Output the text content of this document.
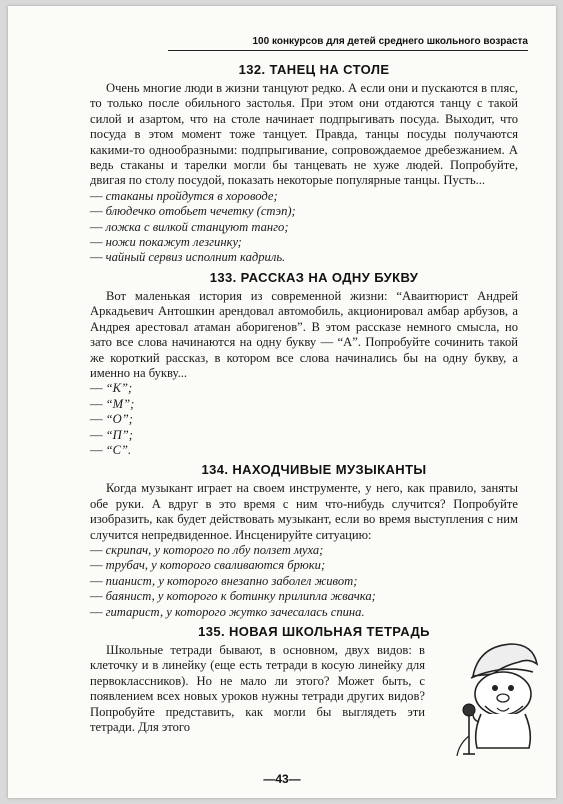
100 конкурсов для детей среднего школьного возраста
132. ТАНЕЦ НА СТОЛЕ

Очень многие люди в жизни танцуют редко. А если они и пускаются в пляс, то только после обильного застолья. При этом они отдаются танцу с такой силой и азартом, что на столе начинает подпрыгивать посуда. Выходит, что посуда в этом момент тоже танцует. Правда, танцы посуды получаются какими-то однообразными: подпрыгивание, сопровождаемое дребезжанием. А ведь стаканы и тарелки могли бы танцевать не хуже людей. Попробуйте, двигая по столу посудой, показать некоторые популярные танцы. Пусть...

— стаканы пройдутся в хороводе;
— блюдечко отобьет чечетку (стэп);
— ложка с вилкой станцуют танго;
— ножи покажут лезгинку;
— чайный сервиз исполнит кадриль.
133. РАССКАЗ НА ОДНУ БУКВУ

Вот маленькая история из современной жизни: “Аваитюрист Андрей Аркадьевич Антошкин арендовал автомобиль, акционировал амбар арбузов, а Андрея арестовал атаман аборигенов”. В этом рассказе немного смысла, но зато все слова начинаются на одну букву — “А”. Попробуйте сочинить такой же короткий рассказ, в котором все слова начинались бы на одну букву, а именно на букву...

— “К”;
— “М”;
— “О”;
— “П”;
— “С”.
134. НАХОДЧИВЫЕ МУЗЫКАНТЫ

Когда музыкант играет на своем инструменте, у него, как правило, заняты обе руки. А вдруг в это время с ним что-нибудь случится? Попробуйте изобразить, как будет действовать музыкант, если во время выступления с ним случится непредвиденное. Инсценируйте ситуацию:

— скрипач, у которого по лбу ползет муха;
— трубач, у которого сваливаются брюки;
— пианист, у которого внезапно заболел живот;
— баянист, у которого к ботинку прилипла жвачка;
— гитарист, у которого жутко зачесалась спина.
135. НОВАЯ ШКОЛЬНАЯ ТЕТРАДЬ

Школьные тетради бывают, в основном, двух видов: в клеточку и в линейку (еще есть тетради в косую линейку для первоклассников). Но не мало ли этого? Может быть, с появлением всех новых уроков нужны тетради других видов? Попробуйте представить, как могли бы выглядеть эти тетради. Для этого

—43—
